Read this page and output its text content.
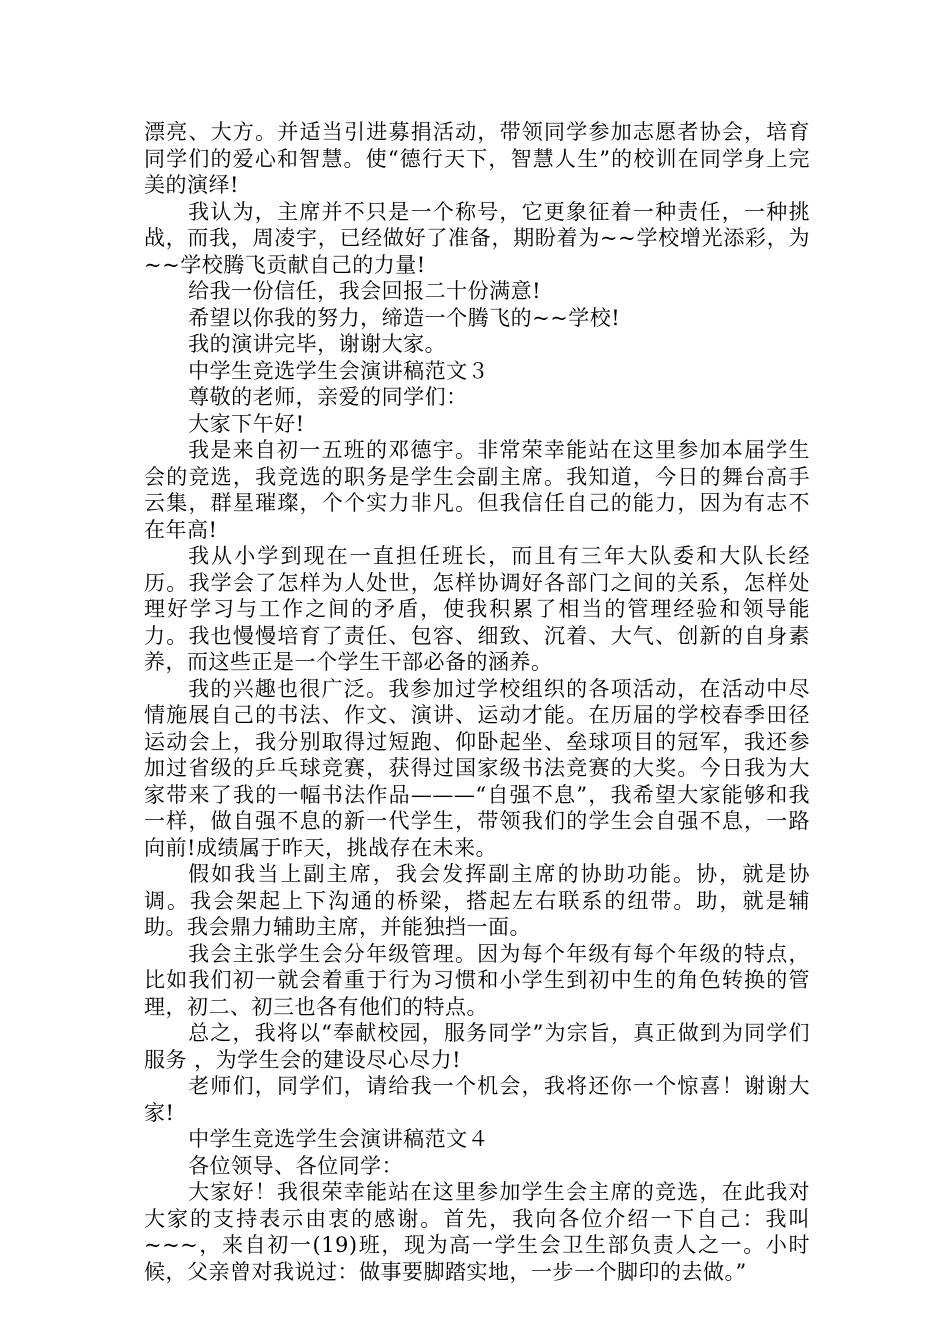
漂亮、大方。并适当引进募捐活动，带领同学参加志愿者协会，培育同学们的爱心和智慧。使“德行天下，智慧人生”的校训在同学身上完美的演绎!

我认为，主席并不只是一个称号，它更象征着一种责任，一种挑战，而我，周凌宇，已经做好了准备，期盼着为~~学校增光添彩，为~~学校腾飞贡献自己的力量!

给我一份信任，我会回报二十份满意!

希望以你我的努力，缔造一个腾飞的~~学校!

我的演讲完毕，谢谢大家。

中学生竞选学生会演讲稿范文３

尊敬的老师，亲爱的同学们：

大家下午好!

我是来自初一五班的邓德宇。非常荣幸能站在这里参加本届学生会的竞选，我竞选的职务是学生会副主席。我知道，今日的舞台高手云集，群星璀璨，个个实力非凡。但我信任自己的能力，因为有志不在年高!

我从小学到现在一直担任班长，而且有三年大队委和大队长经历。我学会了怎样为人处世，怎样协调好各部门之间的关系，怎样处理好学习与工作之间的矛盾，使我积累了相当的管理经验和领导能力。我也慢慢培育了责任、包容、细致、沉着、大气、创新的自身素养，而这些正是一个学生干部必备的涵养。

我的兴趣也很广泛。我参加过学校组织的各项活动，在活动中尽情施展自己的书法、作文、演讲、运动才能。在历届的学校春季田径运动会上，我分别取得过短跑、仰卧起坐、垒球项目的冠军，我还参加过省级的乒乓球竞赛，获得过国家级书法竞赛的大奖。今日我为大家带来了我的一幅书法作品———“自强不息”，我希望大家能够和我一样，做自强不息的新一代学生，带领我们的学生会自强不息，一路向前!成绩属于昨天，挑战存在未来。

假如我当上副主席，我会发挥副主席的协助功能。协，就是协调。我会架起上下沟通的桥梁，搭起左右联系的纽带。助，就是辅助。我会鼎力辅助主席，并能独挡一面。

我会主张学生会分年级管理。因为每个年级有每个年级的特点，比如我们初一就会着重于行为习惯和小学生到初中生的角色转换的管理，初二、初三也各有他们的特点。

总之，我将以“奉献校园，服务同学”为宗旨，真正做到为同学们服务 ，为学生会的建设尽心尽力!

老师们，同学们，请给我一个机会，我将还你一个惊喜！谢谢大家!

中学生竞选学生会演讲稿范文４

各位领导、各位同学：

大家好！我很荣幸能站在这里参加学生会主席的竞选，在此我对大家的支持表示由衷的感谢。首先，我向各位介绍一下自己：我叫~~~，来自初一(19)班，现为高一学生会卫生部负责人之一。小时候，父亲曾对我说过：做事要脚踏实地，一步一个脚印的去做。”
